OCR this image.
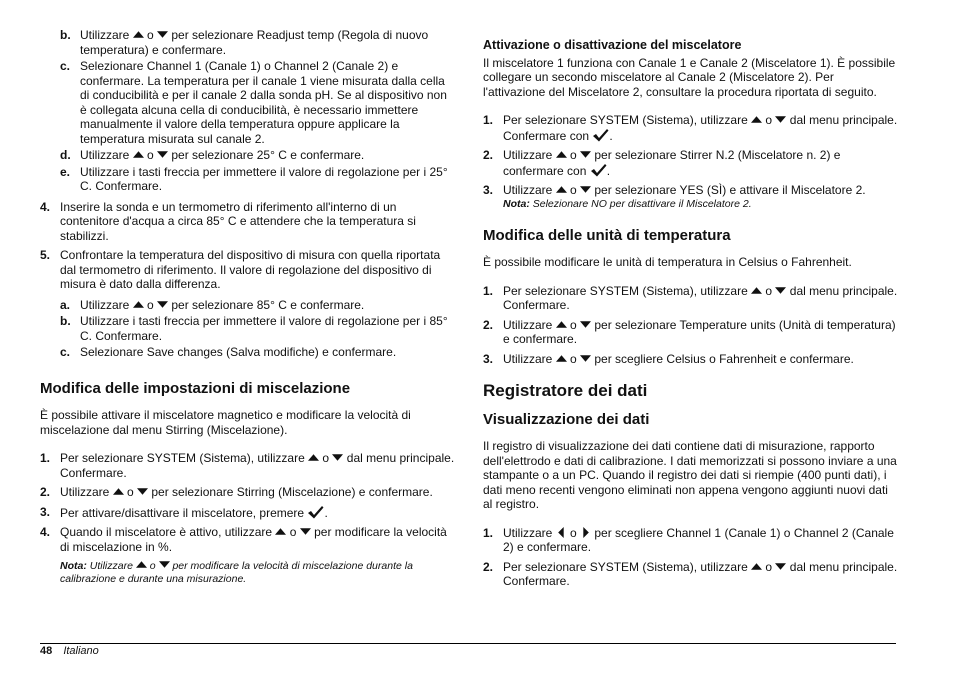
b. Utilizzare  o  per selezionare Readjust temp (Regola di nuovo temperatura) e confermare.
c. Selezionare Channel 1 (Canale 1) o Channel 2 (Canale 2) e confermare. La temperatura per il canale 1 viene misurata dalla cella di conducibilità e per il canale 2 dalla sonda pH. Se al dispositivo non è collegata alcuna cella di conducibilità, è necessario immettere manualmente il valore della temperatura oppure applicare la temperatura misurata sul canale 2.
d. Utilizzare  o  per selezionare 25° C e confermare.
e. Utilizzare i tasti freccia per immettere il valore di regolazione per i 25° C. Confermare.
4. Inserire la sonda e un termometro di riferimento all'interno di un contenitore d'acqua a circa 85° C e attendere che la temperatura si stabilizzi.
5. Confrontare la temperatura del dispositivo di misura con quella riportata dal termometro di riferimento. Il valore di regolazione del dispositivo di misura è dato dalla differenza.
a. Utilizzare  o  per selezionare 85° C e confermare.
b. Utilizzare i tasti freccia per immettere il valore di regolazione per i 85° C. Confermare.
c. Selezionare Save changes (Salva modifiche) e confermare.
Modifica delle impostazioni di miscelazione
È possibile attivare il miscelatore magnetico e modificare la velocità di miscelazione dal menu Stirring (Miscelazione).
1. Per selezionare SYSTEM (Sistema), utilizzare  o  dal menu principale. Confermare.
2. Utilizzare  o  per selezionare Stirring (Miscelazione) e confermare.
3. Per attivare/disattivare il miscelatore, premere .
4. Quando il miscelatore è attivo, utilizzare  o  per modificare la velocità di miscelazione in %.
Nota: Utilizzare  o  per modificare la velocità di miscelazione durante la calibrazione e durante una misurazione.
Attivazione o disattivazione del miscelatore
Il miscelatore 1 funziona con Canale 1 e Canale 2 (Miscelatore 1). È possibile collegare un secondo miscelatore al Canale 2 (Miscelatore 2). Per l'attivazione del Miscelatore 2, consultare la procedura riportata di seguito.
1. Per selezionare SYSTEM (Sistema), utilizzare  o  dal menu principale. Confermare con .
2. Utilizzare  o  per selezionare Stirrer N.2 (Miscelatore n. 2) e confermare con .
3. Utilizzare  o  per selezionare YES (SÌ) e attivare il Miscelatore 2.
Nota: Selezionare NO per disattivare il Miscelatore 2.
Modifica delle unità di temperatura
È possibile modificare le unità di temperatura in Celsius o Fahrenheit.
1. Per selezionare SYSTEM (Sistema), utilizzare  o  dal menu principale. Confermare.
2. Utilizzare  o  per selezionare Temperature units (Unità di temperatura) e confermare.
3. Utilizzare  o  per scegliere Celsius o Fahrenheit e confermare.
Registratore dei dati
Visualizzazione dei dati
Il registro di visualizzazione dei dati contiene dati di misurazione, rapporto dell'elettrodo e dati di calibrazione. I dati memorizzati si possono inviare a una stampante o a un PC. Quando il registro dei dati si riempie (400 punti dati), i dati meno recenti vengono eliminati non appena vengono aggiunti nuovi dati al registro.
1. Utilizzare  o  per scegliere Channel 1 (Canale 1) o Channel 2 (Canale 2) e confermare.
2. Per selezionare SYSTEM (Sistema), utilizzare  o  dal menu principale. Confermare.
48 Italiano
